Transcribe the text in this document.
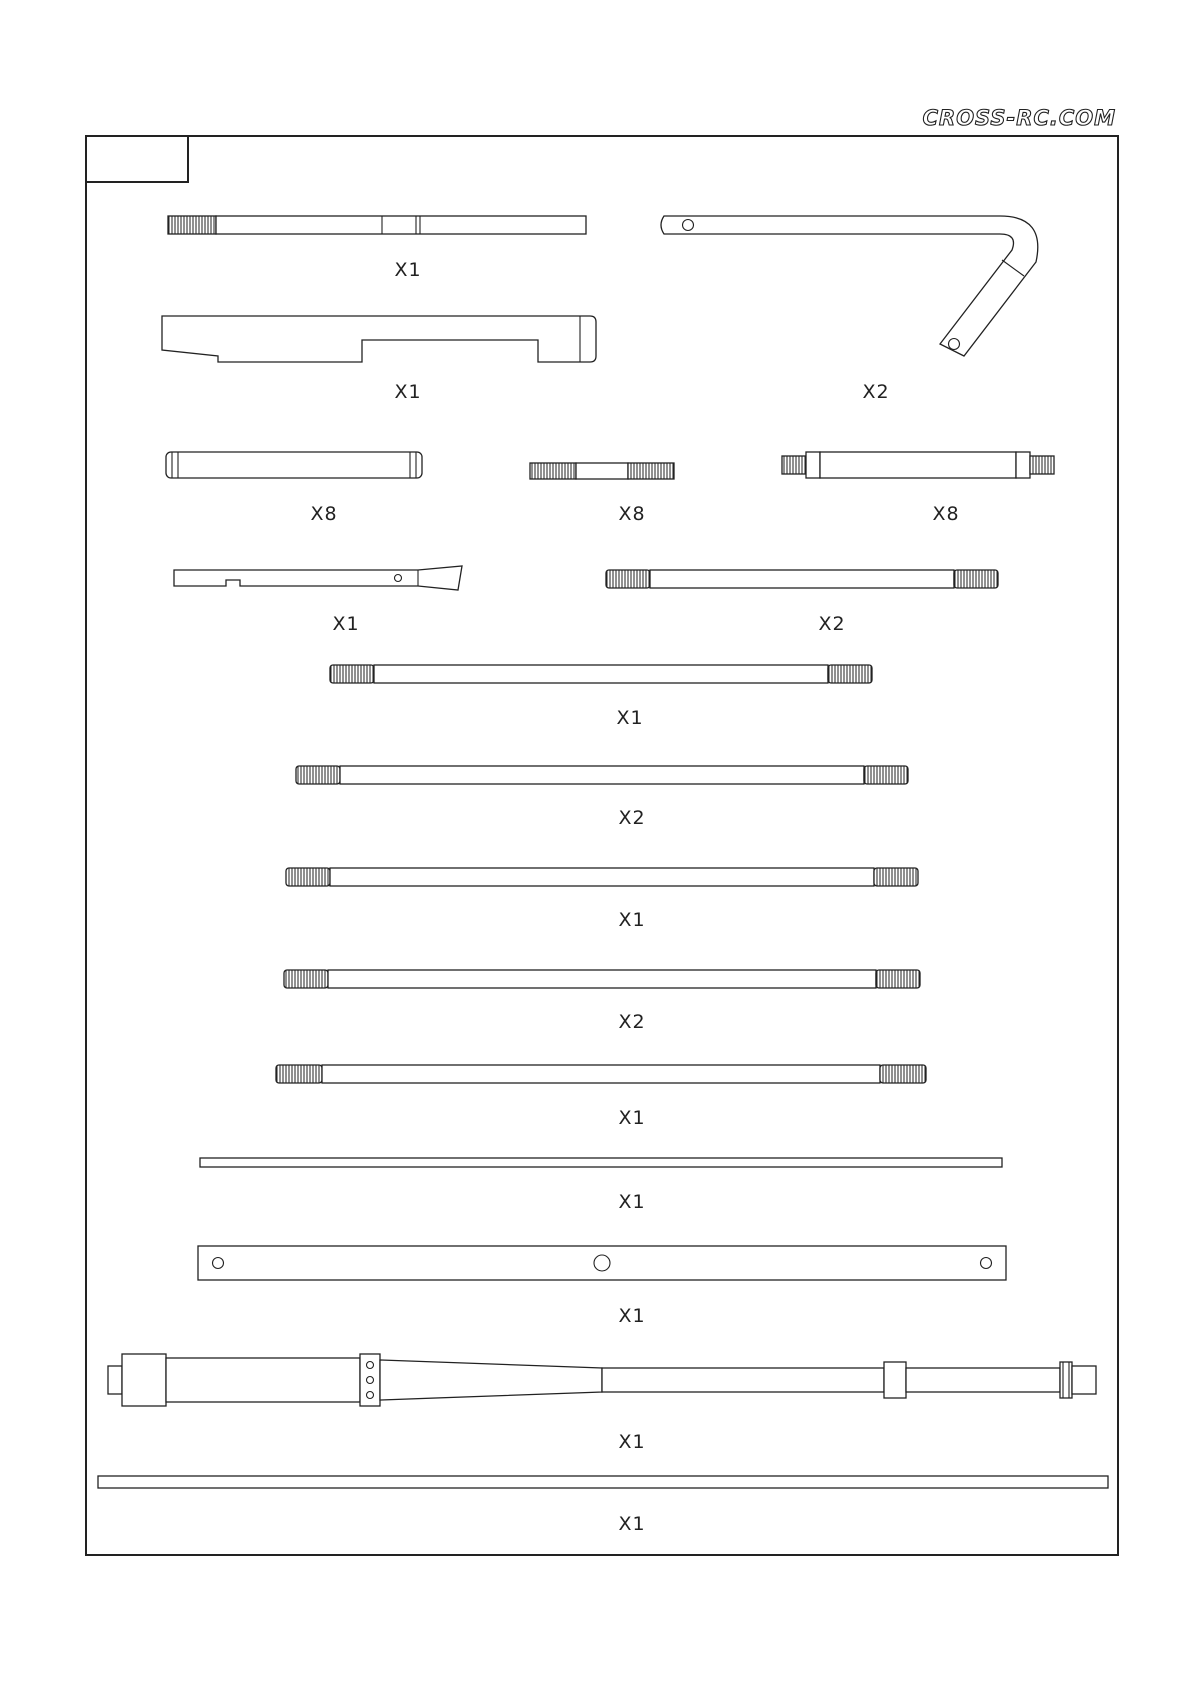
CROSS-RC.COM
X1
X2
X1
X8	X8	X8
X1	X2
X1
X2
X1
X2
X1
X1
X1
X1
X1
